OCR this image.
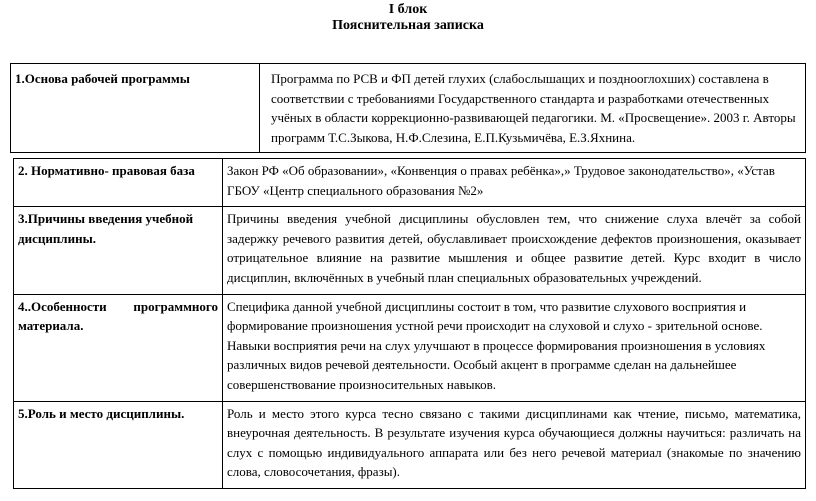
I блок
Пояснительная записка
1.Основа рабочей программы	Программа по РСВ и ФП детей глухих (слабослышащих и позднооглохших) составлена в соответствии с требованиями Государственного стандарта и разработками отечественных учёных в области коррекционно-развивающей педагогики. М. «Просвещение». 2003 г. Авторы программ Т.С.Зыкова, Н.Ф.Слезина, Е.П.Кузьмичёва, Е.З.Яхнина.
2. Нормативно- правовая база	Закон РФ «Об образовании», «Конвенция о правах ребёнка»,» Трудовое законодательство», «Устав ГБОУ «Центр специального образования №2»
3.Причины введения учебной дисциплины.	Причины введения учебной дисциплины обусловлен тем, что снижение слуха влечёт за собой задержку речевого развития детей, обуславливает происхождение дефектов произношения, оказывает отрицательное влияние на развитие мышления и общее развитие детей. Курс входит в число дисциплин, включённых в учебный план специальных образовательных учреждений.
4..Особенности программного материала.	Специфика данной учебной дисциплины состоит в том, что развитие слухового восприятия и формирование произношения устной речи происходит на слуховой и слухо - зрительной основе. Навыки восприятия речи на слух улучшают в процессе формирования произношения в условиях различных видов речевой деятельности. Особый акцент в программе сделан на дальнейшее совершенствование произносительных навыков.
5.Роль и место дисциплины.	Роль и место этого курса тесно связано с такими дисциплинами как чтение, письмо, математика, внеурочная деятельность. В результате изучения курса обучающиеся должны научиться: различать на слух с помощью индивидуального аппарата или без него речевой материал (знакомые по значению слова, словосочетания, фразы).
